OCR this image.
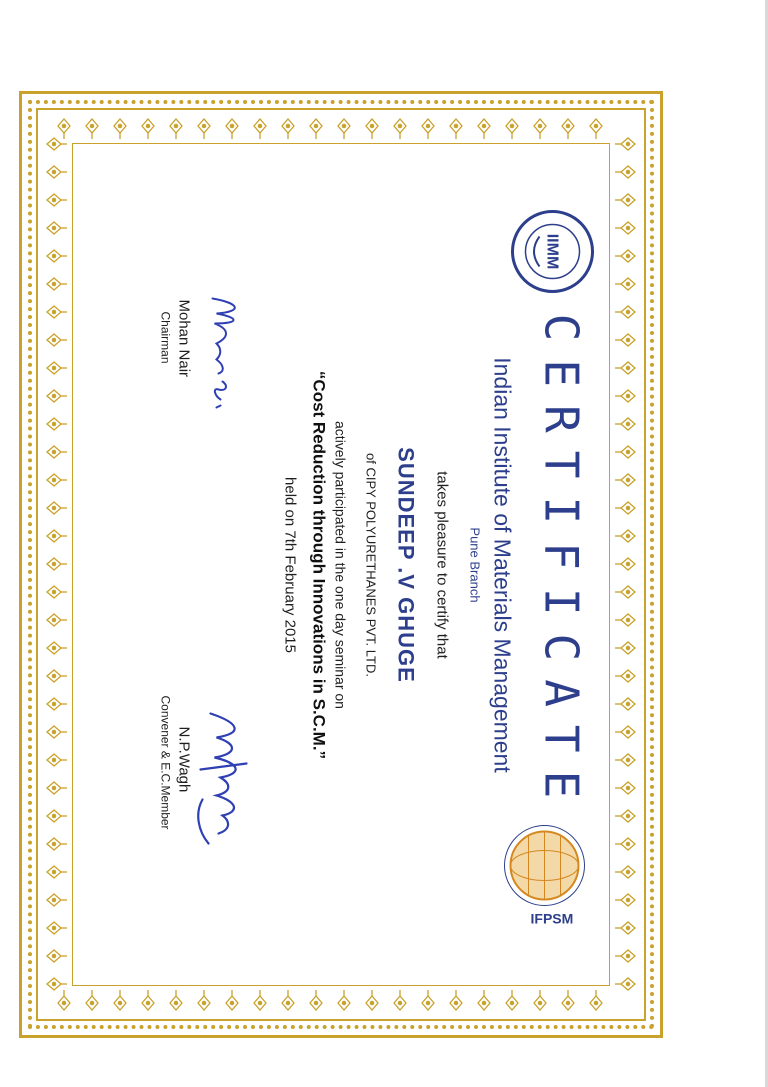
IIMM
IFPSM
CERTIFICATE
Indian Institute of Materials Management
Pune Branch
takes pleasure to certify that
SUNDEEP .V GHUGE
of CIPY POLYURETHANES PVT. LTD.
actively participated in the one day seminar on
“Cost Reduction through Innovations in S.C.M.”
held on 7th February 2015
Mohan Nair
Chairman
N.P.Wagh
Convener & E.C.Member
